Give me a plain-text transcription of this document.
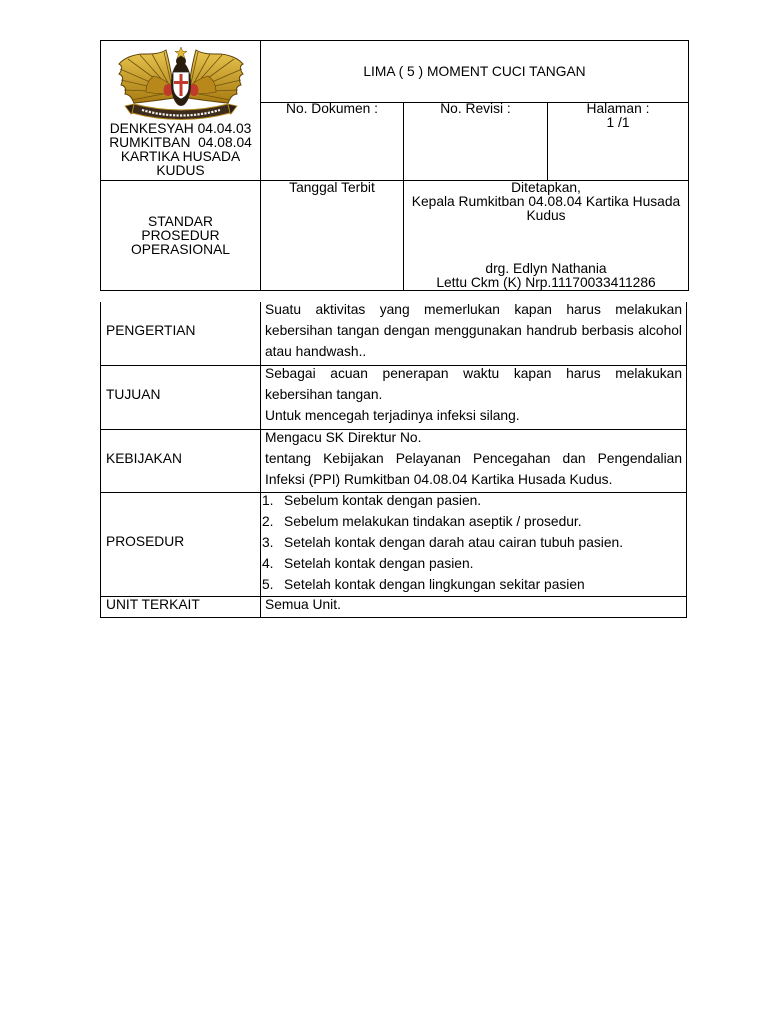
DENKESYAH 04.04.03
RUMKITBAN  04.08.04
KARTIKA HUSADA
KUDUS
LIMA ( 5 ) MOMENT CUCI TANGAN
No. Dokumen :	No. Revisi :	Halaman :
1 /1
STANDAR
PROSEDUR
OPERASIONAL
Tanggal Terbit	Ditetapkan,
Kepala Rumkitban 04.08.04 Kartika Husada
Kudus
drg. Edlyn Nathania
Lettu Ckm (K) Nrp.11170033411286
PENGERTIAN
Suatu aktivitas yang memerlukan kapan harus melakukan
kebersihan tangan dengan menggunakan handrub berbasis alcohol
atau handwash..
TUJUAN
Sebagai acuan penerapan waktu kapan harus melakukan
kebersihan tangan.
Untuk mencegah terjadinya infeksi silang.
KEBIJAKAN
Mengacu SK Direktur No.
tentang Kebijakan Pelayanan Pencegahan dan Pengendalian
Infeksi (PPI) Rumkitban 04.08.04 Kartika Husada Kudus.
PROSEDUR
1. Sebelum kontak dengan pasien.
2. Sebelum melakukan tindakan aseptik / prosedur.
3. Setelah kontak dengan darah atau cairan tubuh pasien.
4. Setelah kontak dengan pasien.
5. Setelah kontak dengan lingkungan sekitar pasien
UNIT TERKAIT	Semua Unit.
